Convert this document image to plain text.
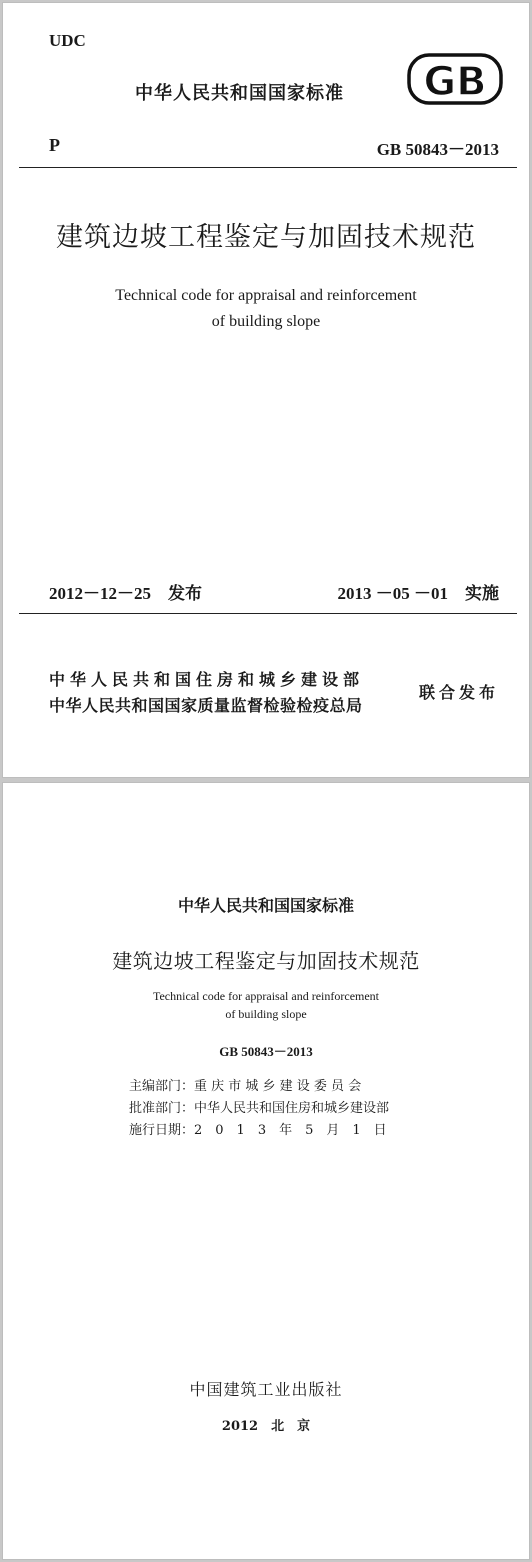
UDC
中华人民共和国国家标准 GB
P	GB 50843－2013
建筑边坡工程鉴定与加固技术规范
Technical code for appraisal and reinforcement
of building slope
2012－12－25　发布	2013 －05 －01　实施
中华人民共和国住房和城乡建设部
中华人民共和国国家质量监督检验检疫总局
联合发布
中华人民共和国国家标准
建筑边坡工程鉴定与加固技术规范
Technical code for appraisal and reinforcement
of building slope
GB 50843－2013
主编部门：重 庆 市 城 乡 建 设 委 员 会
批准部门：中华人民共和国住房和城乡建设部
施行日期：2　0　1　3　年　5　月　1　日
中国建筑工业出版社
2012　北　京
